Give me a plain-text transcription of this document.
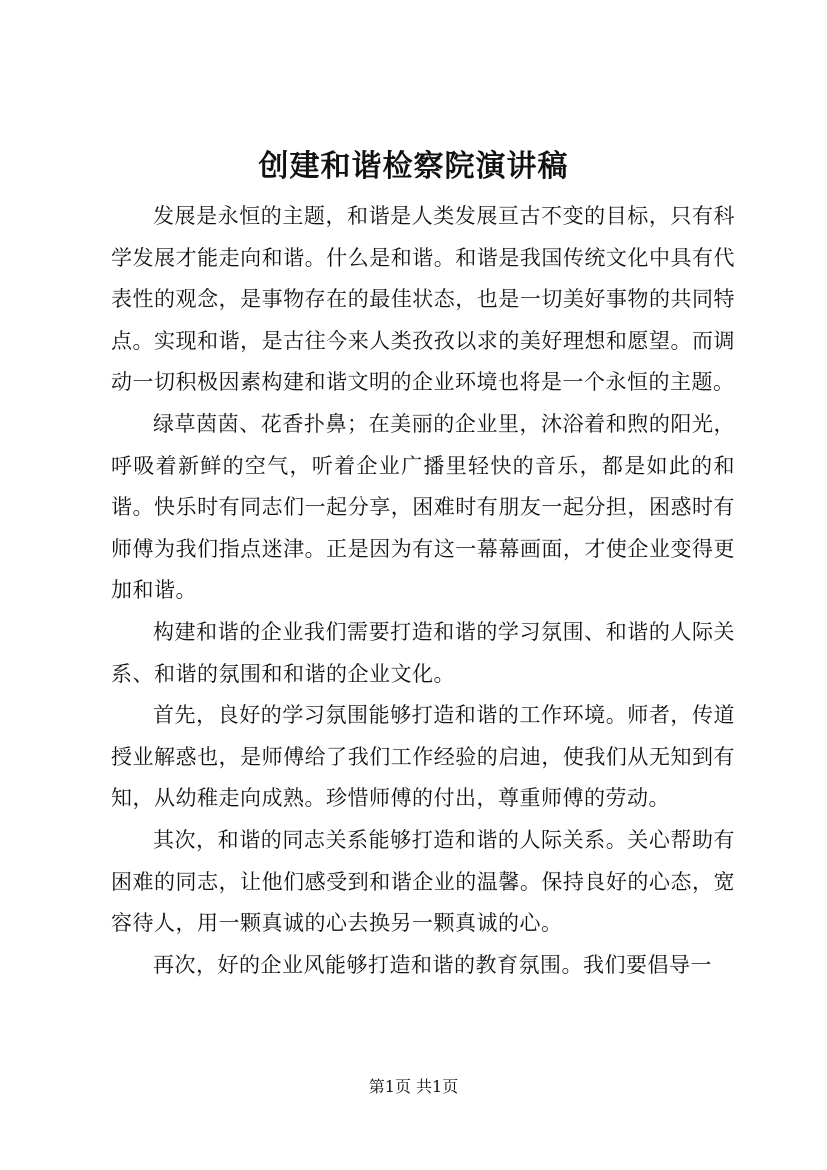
创建和谐检察院演讲稿

发展是永恒的主题，和谐是人类发展亘古不变的目标，只有科学发展才能走向和谐。什么是和谐。和谐是我国传统文化中具有代表性的观念，是事物存在的最佳状态，也是一切美好事物的共同特点。实现和谐，是古往今来人类孜孜以求的美好理想和愿望。而调动一切积极因素构建和谐文明的企业环境也将是一个永恒的主题。

绿草茵茵、花香扑鼻；在美丽的企业里，沐浴着和煦的阳光，呼吸着新鲜的空气，听着企业广播里轻快的音乐，都是如此的和谐。快乐时有同志们一起分享，困难时有朋友一起分担，困惑时有师傅为我们指点迷津。正是因为有这一幕幕画面，才使企业变得更加和谐。

构建和谐的企业我们需要打造和谐的学习氛围、和谐的人际关系、和谐的氛围和和谐的企业文化。

首先，良好的学习氛围能够打造和谐的工作环境。师者，传道授业解惑也，是师傅给了我们工作经验的启迪，使我们从无知到有知，从幼稚走向成熟。珍惜师傅的付出，尊重师傅的劳动。

其次，和谐的同志关系能够打造和谐的人际关系。关心帮助有困难的同志，让他们感受到和谐企业的温馨。保持良好的心态，宽容待人，用一颗真诚的心去换另一颗真诚的心。

再次，好的企业风能够打造和谐的教育氛围。我们要倡导一

第1页 共1页
